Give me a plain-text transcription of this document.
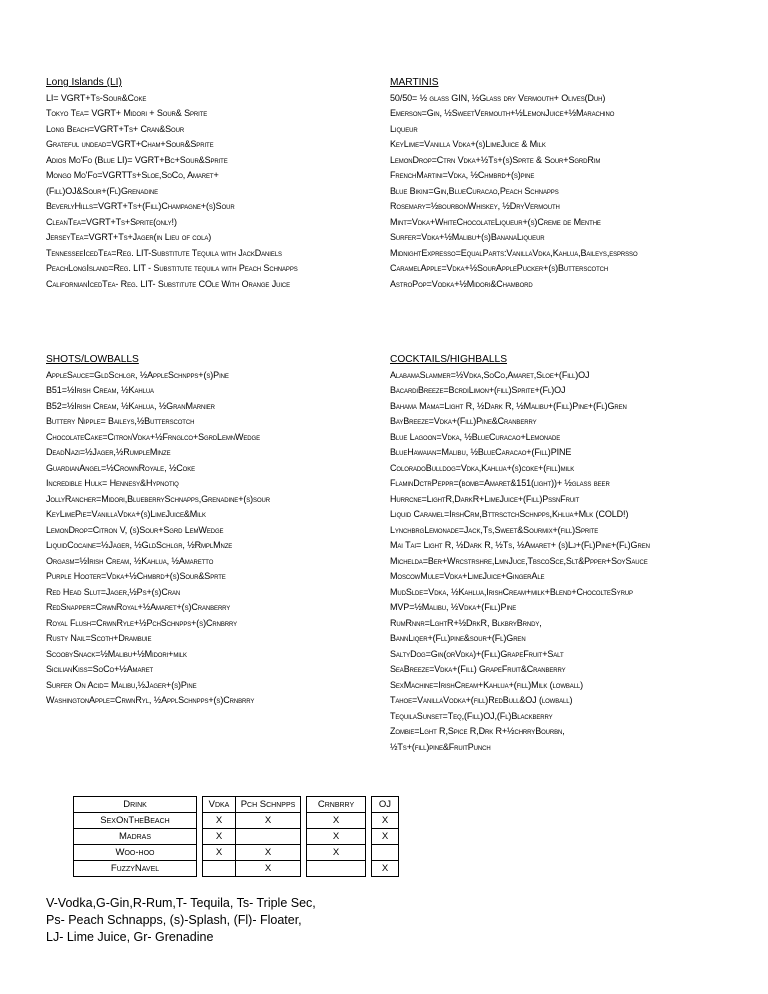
Long Islands (LI)
LI= VGRT+Ts-Sour&Coke
Tokyo Tea= VGRT+ Midori + Sour& Sprite
Long Beach=VGRT+Ts+ Cran&Sour
Grateful undead=VGRT+Cham+Sour&Sprite
Adios Mo'Fo (Blue LI)= VGRT+Bc+Sour&Sprite
Mongo Mo'Fo=VGRTTs+Sloe,SoCo, Amaret+
(Fill)OJ&Sour+(Fl)Grenadine
BeverlyHills=VGRT+Ts+(Fill)Champagne+(s)Sour
CleanTea=VGRT+Ts+Sprite(only!)
JerseyTea=VGRT+Ts+Jager(in Lieu of cola)
TennesseeIcedTea=Reg. LIT-Substitute Tequila with JackDaniels
PeachLongIsland=Reg. LIT - Substitute tequila with Peach Schnapps
CalifornianIcedTea- Reg. LIT- Substitute COle With Orange Juice
MARTINIS
50/50= ½ glass GIN, ½Glass dry Vermouth+ Olives(Duh)
Emerson=Gin, ½SweetVermouth+½LemonJuice+½Marachino
Liqueur
KeyLime=Vanilla Vdka+(s)LimeJuice & Milk
LemonDrop=Ctrn Vdka+½Ts+(s)Sprte & Sour+SgrdRim
FrenchMartini=Vdka, ½Chmbrd+(s)pine
Blue Bikini=Gin,BlueCuracao,Peach Schnapps
Rosemary=½bourbonWhiskey, ½DryVermouth
Mint=Vdka+WhiteChocolateLiqueur+(s)Creme de Menthe
Surfer=Vdka+½Malibu+(s)BananaLiqueur
MidnightExpresso=EqualParts:VanillaVdka,Kahlua,Baileys,esprsso
CaramelApple=Vdka+½SourApplePucker+(s)Butterscotch
AstroPop=Vodka+½Midori&Chambord
SHOTS/LOWBALLS
AppleSauce=GldSchlgr, ½AppleSchnpps+(s)Pine
B51=½Irish Cream, ½Kahlua
B52=½Irish Cream, ½Kahlua, ½GranMarnier
Buttery Nipple= Baileys,½Butterscotch
ChocolateCake=CitronVdka+½Frnglco+SgrdLemnWedge
DeadNazi=½Jager,½RumpleMinze
GuardianAngel=½CrownRoyale, ½Coke
Incredible Hulk= Hennesy&Hypnotiq
JollyRancher=Midori,BlueberrySchnapps,Grenadine+(s)sour
KeyLimePie=VanillaVdka+(s)LimeJuice&Milk
LemonDrop=Citron V, (s)Sour+Sgrd LemWedge
LiquidCocaine=½Jager, ½GldSchlgr, ½RmplMnze
Orgasm=½Irish Cream, ½Kahlua, ½Amaretto
Purple Hooter=Vdka+½Chmbrd+(s)Sour&Sprte
Red Head Slut=Jager,½Ps+(s)Cran
RedSnapper=CrwnRoyal+½Amaret+(s)Cranberry
Royal Flush=CrwnRyle+½PchSchnpps+(s)Crnbrry
Rusty Nail=Scoth+Drambuie
ScoobySnack=½Malibu+½Midori+milk
SicilianKiss=SoCo+½Amaret
Surfer On Acid= Malibu,½Jager+(s)Pine
WashingtonApple=CrwnRyl, ½ApplSchnpps+(s)Crnbrry
COCKTAILS/HIGHBALLS
AlabamaSlammer=½Vdka,SoCo,Amaret,Sloe+(Fill)OJ
BacardiBreeze=BcrdiLimon+(fill)Sprite+(Fl)OJ
Bahama Mama=Light R, ½Dark R, ½Malibu+(Fill)Pine+(Fl)Gren
BayBreeze=Vdka+(Fill)Pine&Cranberry
Blue Lagoon=Vdka, ½BlueCuracao+Lemonade
BlueHawaian=Malibu, ½BlueCaracao+(Fill)PINE
ColoradoBulldog=Vdka,Kahlua+(s)coke+(fill)milk
FlaminDctrPeppr=(bomb=Amaret&151(light))+ ½glass beer
Hurrcne=LightR,DarkR+LimeJuice+(Fill)PssnFruit
Liquid Caramel=IrshCrm,BttrsctchSchnpps,Khlua+Mlk (COLD!)
LynchbrgLemonade=Jack,Ts,Sweet&Sourmix+(fill)Sprite
Mai Tai= Light R, ½Dark R, ½Ts, ½Amaret+ (s)Lj+(Fl)Pine+(Fl)Gren
Michelda=Ber+Wrcstrshre,LmnJuce,TbscoSce,Slt&Ppper+SoySauce
MoscowMule=Vdka+LimeJuice+GingerAle
MudSlde=Vdka, ½Kahlua,IrishCream+milk+Blend+ChocolteSyrup
MVP=½Malibu, ½Vdka+(Fill)Pine
RumRnnr=LghtR+½DrkR, BlkbryBrndy,
BannLiqer+(Fll)pine&sour+(Fl)Gren
SaltyDog=Gin(orVdka)+(Fill)GrapeFruit+Salt
SeaBreeze=Vdka+(Fill) GrapeFruit&Cranberry
SexMachine=IrishCream+Kahlua+(fill)Milk (lowball)
Tahoe=VanillaVodka+(fill)RedBull&OJ (lowball)
TequilaSunset=Teq,(Fill)OJ,(Fl)Blackberry
Zombie=Lght R,Spice R,Drk R+½chrryBourbn,
½Ts+(fill)pine&FruitPunch
Drink		Vdka	Pch Schnpps		Crnbrry		OJ
SexOnTheBeach		X	X		X		X
Madras		X			X		X
Woo-hoo		X	X		X		
FuzzyNavel			X				X
V-Vodka,G-Gin,R-Rum,T- Tequila, Ts- Triple Sec,
Ps- Peach Schnapps, (s)-Splash, (Fl)- Floater,
LJ- Lime Juice, Gr- Grenadine
